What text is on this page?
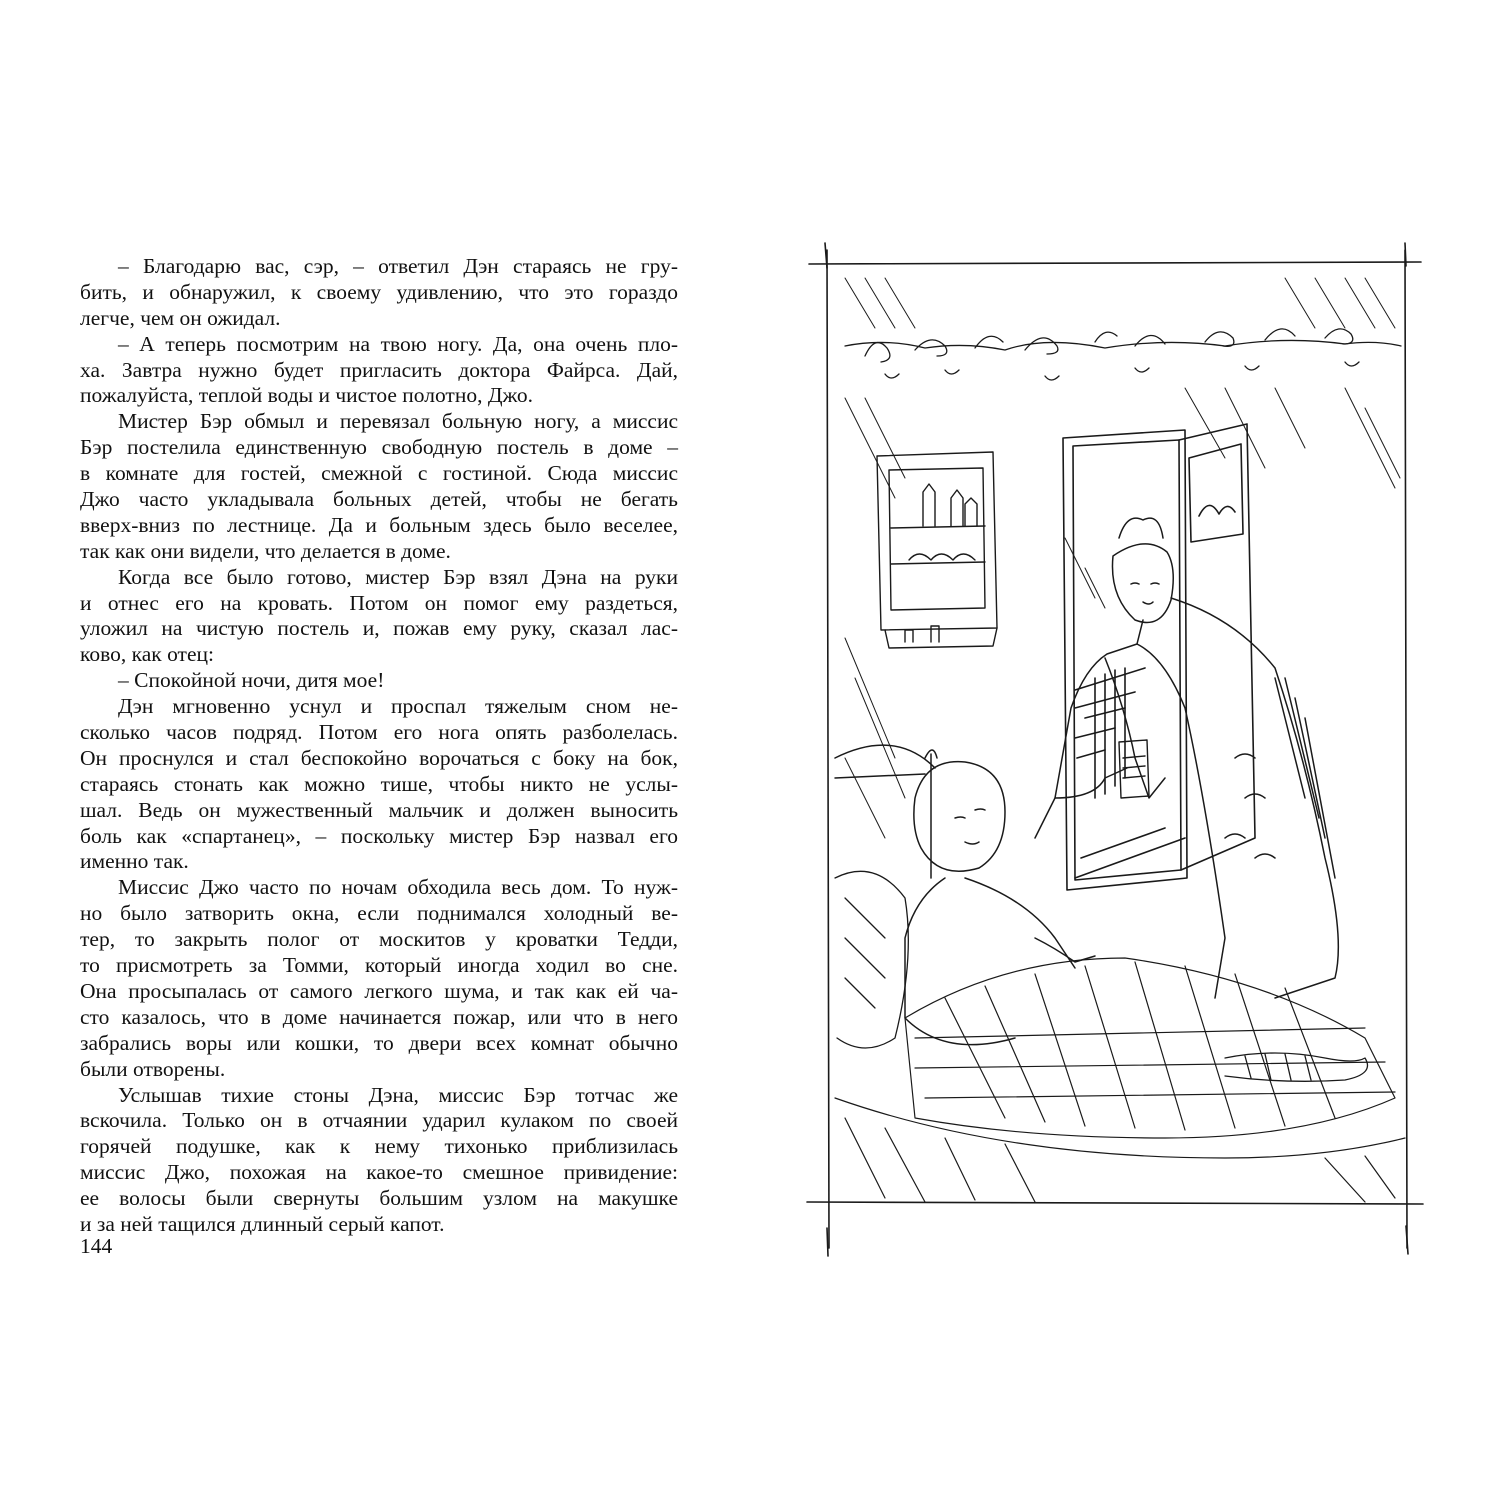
– Благодарю вас, сэр, – ответил Дэн стараясь не гру-
бить, и обнаружил, к своему удивлению, что это гораздо
легче, чем он ожидал.
– А теперь посмотрим на твою ногу. Да, она очень пло-
ха. Завтра нужно будет пригласить доктора Файрса. Дай,
пожалуйста, теплой воды и чистое полотно, Джо.
Мистер Бэр обмыл и перевязал больную ногу, а миссис
Бэр постелила единственную свободную постель в доме –
в комнате для гостей, смежной с гостиной. Сюда миссис
Джо часто укладывала больных детей, чтобы не бегать
вверх-вниз по лестнице. Да и больным здесь было веселее,
так как они видели, что делается в доме.
Когда все было готово, мистер Бэр взял Дэна на руки
и отнес его на кровать. Потом он помог ему раздеться,
уложил на чистую постель и, пожав ему руку, сказал лас-
ково, как отец:
– Спокойной ночи, дитя мое!
Дэн мгновенно уснул и проспал тяжелым сном не-
сколько часов подряд. Потом его нога опять разболелась.
Он проснулся и стал беспокойно ворочаться с боку на бок,
стараясь стонать как можно тише, чтобы никто не услы-
шал. Ведь он мужественный мальчик и должен выносить
боль как «спартанец», – поскольку мистер Бэр назвал его
именно так.
Миссис Джо часто по ночам обходила весь дом. То нуж-
но было затворить окна, если поднимался холодный ве-
тер, то закрыть полог от москитов у кроватки Тедди,
то присмотреть за Томми, который иногда ходил во сне.
Она просыпалась от самого легкого шума, и так как ей ча-
сто казалось, что в доме начинается пожар, или что в него
забрались воры или кошки, то двери всех комнат обычно
были отворены.
Услышав тихие стоны Дэна, миссис Бэр тотчас же
вскочила. Только он в отчаянии ударил кулаком по своей
горячей подушке, как к нему тихонько приблизилась
миссис Джо, похожая на какое-то смешное привидение:
ее волосы были свернуты большим узлом на макушке
и за ней тащился длинный серый капот.
144
